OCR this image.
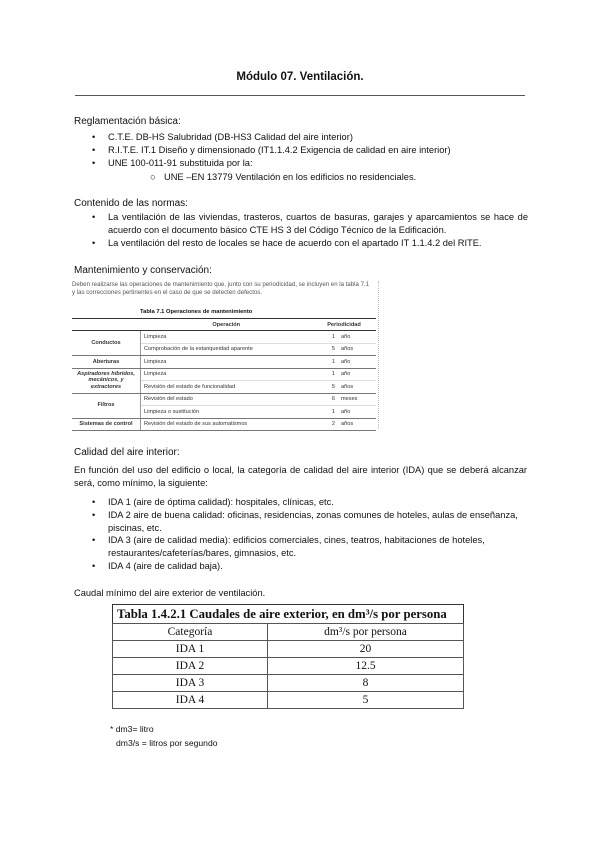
Módulo 07. Ventilación.
Reglamentación básica:
• C.T.E. DB-HS Salubridad (DB-HS3 Calidad del aire interior)
• R.I.T.E. IT.1 Diseño y dimensionado (IT1.1.4.2 Exigencia de calidad en aire interior)
• UNE 100-011-91 substituida por la:
○ UNE –EN 13779 Ventilación en los edificios no residenciales.
Contenido de las normas:
• La ventilación de las viviendas, trasteros, cuartos de basuras, garajes y aparcamientos se hace de acuerdo con el documento básico CTE HS 3 del Código Técnico de la Edificación.
• La ventilación del resto de locales se hace de acuerdo con el apartado IT 1.1.4.2 del RITE.
Mantenimiento y conservación:
Deben realizarse las operaciones de mantenimiento que, junto con su periodicidad, se incluyen en la tabla 7.1 y las correcciones pertinentes en el caso de que se detecten defectos.
Tabla 7.1 Operaciones de mantenimiento
	Operación	Periodicidad	
Conductos	Limpieza	1	año
	Comprobación de la estanqueidad aparente	5	años
Aberturas	Limpieza	1	año
Aspiradores híbridos, mecánicos, y extractores	Limpieza	1	año
	Revisión del estado de funcionalidad	5	años
Filtros	Revisión del estado	6	meses
	Limpieza o sustitución	1	año
Sistemas de control	Revisión del estado de sus automatismos	2	años
Calidad del aire interior:
En función del uso del edificio o local, la categoría de calidad del aire interior (IDA) que se deberá alcanzar será, como mínimo, la siguiente:
• IDA 1 (aire de óptima calidad): hospitales, clínicas, etc.
• IDA 2 aire de buena calidad: oficinas, residencias, zonas comunes de hoteles, aulas de enseñanza, piscinas, etc.
• IDA 3 (aire de calidad media): edificios comerciales, cines, teatros, habitaciones de hoteles, restaurantes/cafeterías/bares, gimnasios, etc.
• IDA 4 (aire de calidad baja).
Caudal mínimo del aire exterior de ventilación.
Tabla 1.4.2.1 Caudales de aire exterior, en dm³/s por persona
Categoría	dm³/s por persona
IDA 1	20
IDA 2	12.5
IDA 3	8
IDA 4	5
* dm3= litro
dm3/s = litros por segundo
